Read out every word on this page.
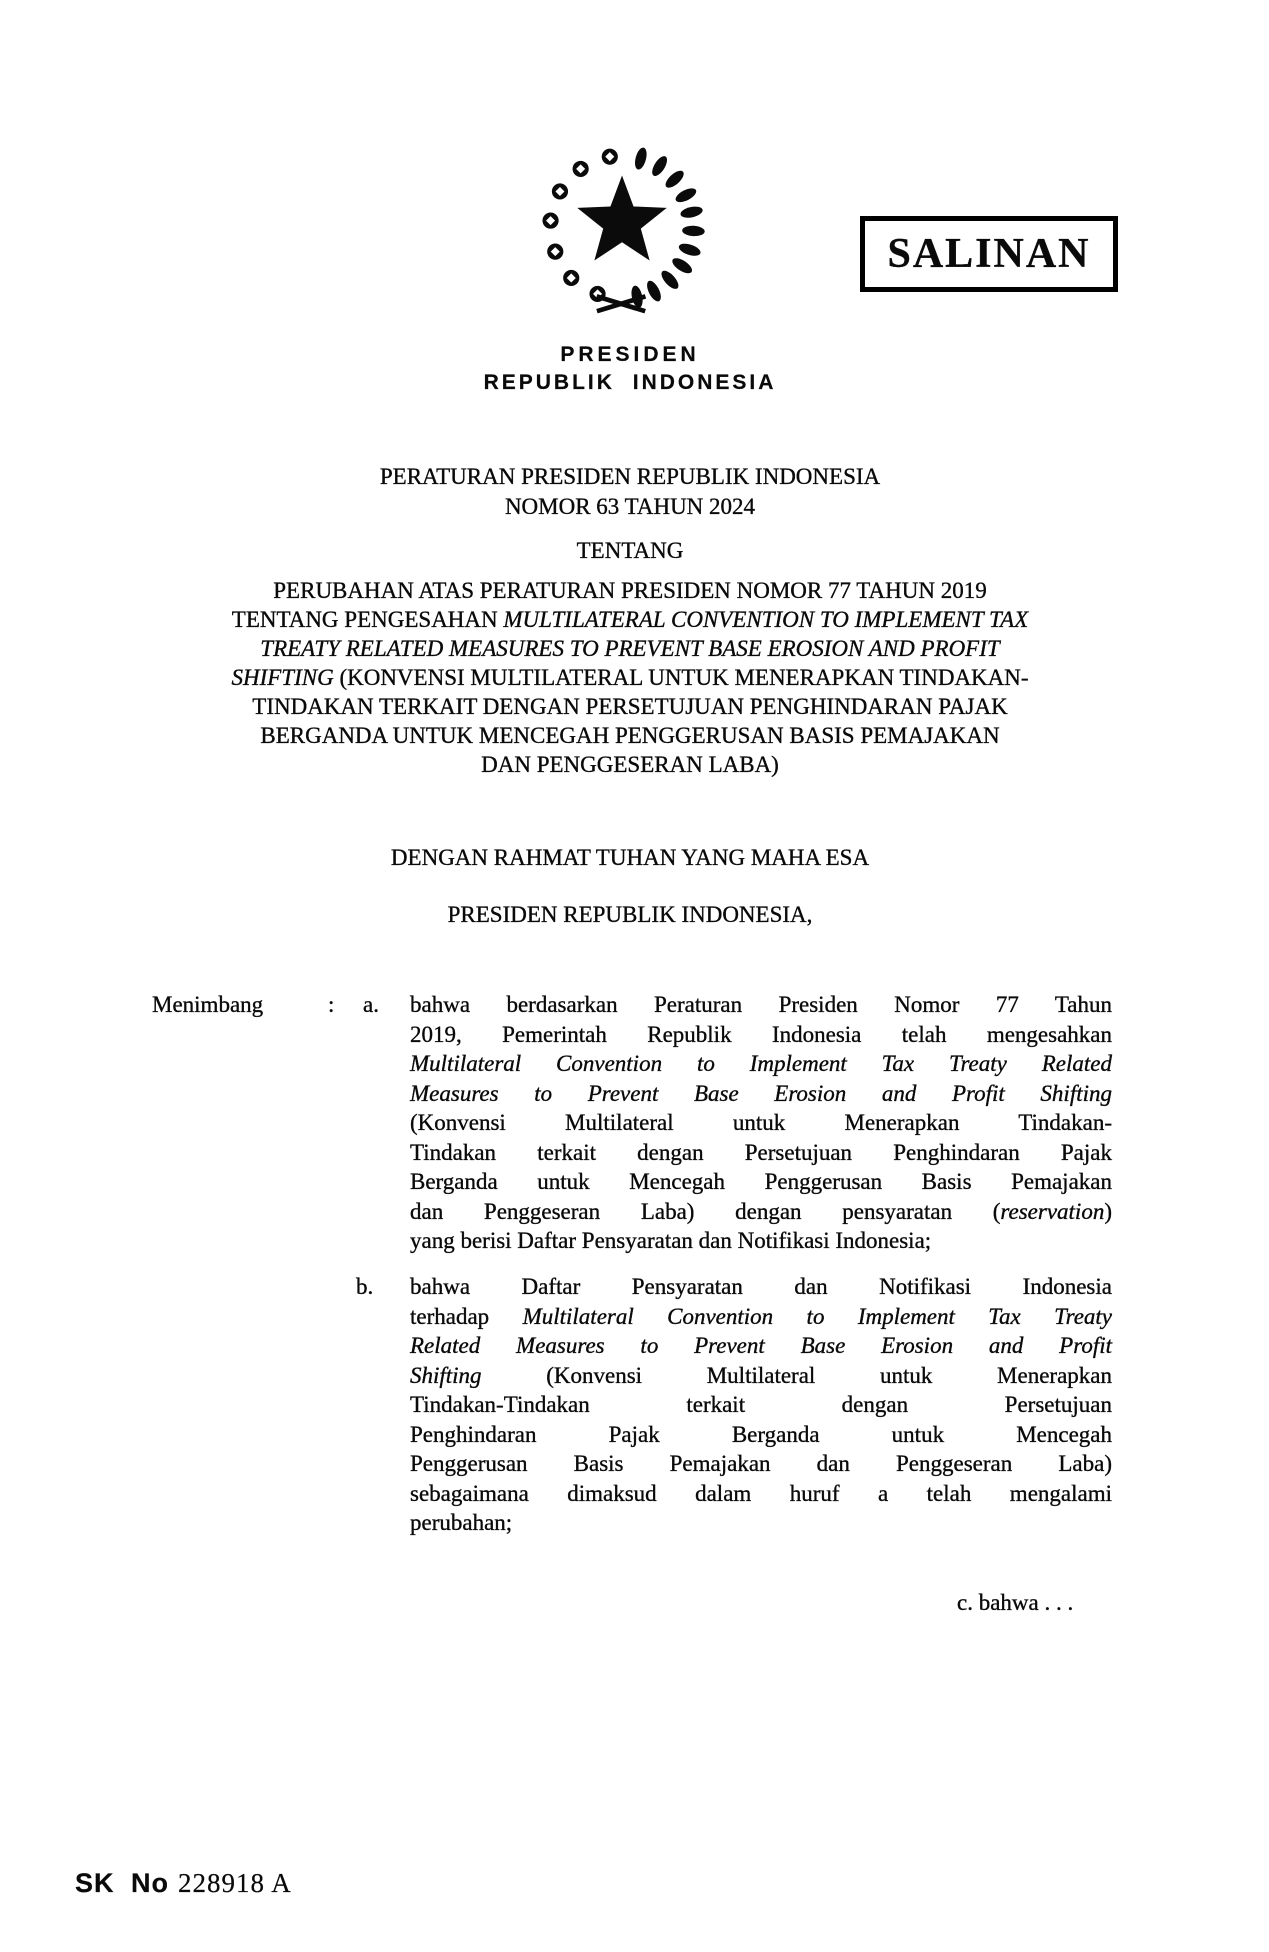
SALINAN
PRESIDEN
REPUBLIK INDONESIA
PERATURAN PRESIDEN REPUBLIK INDONESIA
NOMOR 63 TAHUN 2024
TENTANG
PERUBAHAN ATAS PERATURAN PRESIDEN NOMOR 77 TAHUN 2019
TENTANG PENGESAHAN MULTILATERAL CONVENTION TO IMPLEMENT TAX
TREATY RELATED MEASURES TO PREVENT BASE EROSION AND PROFIT
SHIFTING (KONVENSI MULTILATERAL UNTUK MENERAPKAN TINDAKAN-
TINDAKAN TERKAIT DENGAN PERSETUJUAN PENGHINDARAN PAJAK
BERGANDA UNTUK MENCEGAH PENGGERUSAN BASIS PEMAJAKAN
DAN PENGGESERAN LABA)
DENGAN RAHMAT TUHAN YANG MAHA ESA
PRESIDEN REPUBLIK INDONESIA,
Menimbang	: a. bahwa berdasarkan Peraturan Presiden Nomor 77 Tahun
2019, Pemerintah Republik Indonesia telah mengesahkan
Multilateral Convention to Implement Tax Treaty Related
Measures to Prevent Base Erosion and Profit Shifting
(Konvensi Multilateral untuk Menerapkan Tindakan-
Tindakan terkait dengan Persetujuan Penghindaran Pajak
Berganda untuk Mencegah Penggerusan Basis Pemajakan
dan Penggeseran Laba) dengan pensyaratan (reservation)
yang berisi Daftar Pensyaratan dan Notifikasi Indonesia;
b. bahwa Daftar Pensyaratan dan Notifikasi Indonesia
terhadap Multilateral Convention to Implement Tax Treaty
Related Measures to Prevent Base Erosion and Profit
Shifting (Konvensi Multilateral untuk Menerapkan
Tindakan-Tindakan terkait dengan Persetujuan
Penghindaran Pajak Berganda untuk Mencegah
Penggerusan Basis Pemajakan dan Penggeseran Laba)
sebagaimana dimaksud dalam huruf a telah mengalami
perubahan;
c. bahwa . . .
SK No 228918 A
